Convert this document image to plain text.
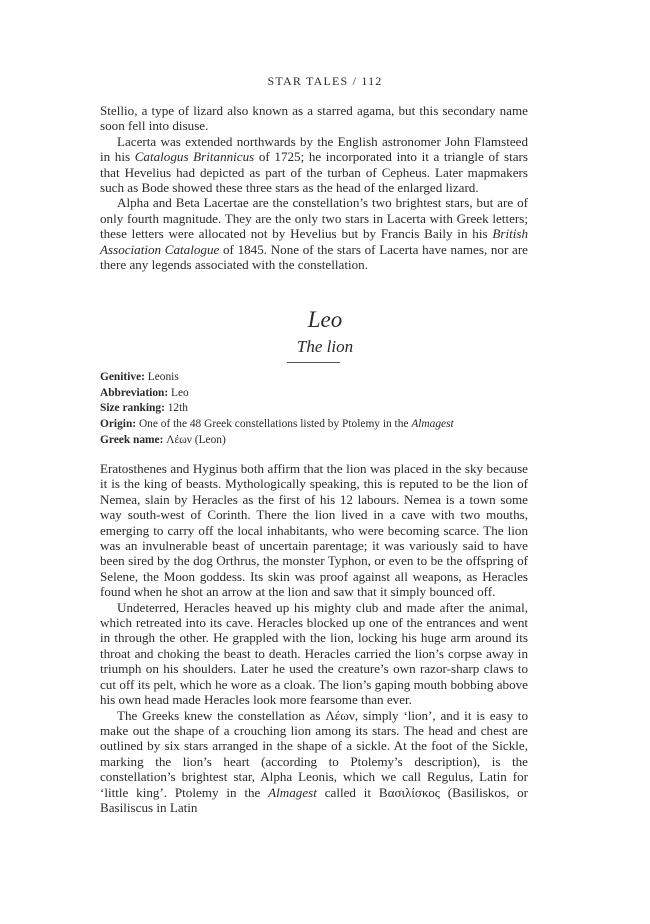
STAR TALES / 112

Stellio, a type of lizard also known as a starred agama, but this secondary name soon fell into disuse.

Lacerta was extended northwards by the English astronomer John Flamsteed in his Catalogus Britannicus of 1725; he incorporated into it a triangle of stars that Hevelius had depicted as part of the turban of Cepheus. Later mapmakers such as Bode showed these three stars as the head of the enlarged lizard.

Alpha and Beta Lacertae are the constellation’s two brightest stars, but are of only fourth magnitude. They are the only two stars in Lacerta with Greek letters; these letters were allocated not by Hevelius but by Francis Baily in his British Association Catalogue of 1845. None of the stars of Lacerta have names, nor are there any legends associated with the constellation.

Leo
The lion
Genitive: Leonis
Abbreviation: Leo
Size ranking: 12th
Origin: One of the 48 Greek constellations listed by Ptolemy in the Almagest
Greek name: Λέων (Leon)

Eratosthenes and Hyginus both affirm that the lion was placed in the sky because it is the king of beasts. Mythologically speaking, this is reputed to be the lion of Nemea, slain by Heracles as the first of his 12 labours. Nemea is a town some way south-west of Corinth. There the lion lived in a cave with two mouths, emerging to carry off the local inhabitants, who were becoming scarce. The lion was an invulnerable beast of uncertain parentage; it was variously said to have been sired by the dog Orthrus, the monster Typhon, or even to be the offspring of Selene, the Moon goddess. Its skin was proof against all weapons, as Heracles found when he shot an arrow at the lion and saw that it simply bounced off.

Undeterred, Heracles heaved up his mighty club and made after the animal, which retreated into its cave. Heracles blocked up one of the entrances and went in through the other. He grappled with the lion, locking his huge arm around its throat and choking the beast to death. Heracles carried the lion’s corpse away in triumph on his shoulders. Later he used the creature’s own razor-sharp claws to cut off its pelt, which he wore as a cloak. The lion’s gaping mouth bobbing above his own head made Heracles look more fearsome than ever.

The Greeks knew the constellation as Λέων, simply ‘lion’, and it is easy to make out the shape of a crouching lion among its stars. The head and chest are outlined by six stars arranged in the shape of a sickle. At the foot of the Sickle, marking the lion’s heart (according to Ptolemy’s description), is the constellation’s brightest star, Alpha Leonis, which we call Regulus, Latin for ‘little king’. Ptolemy in the Almagest called it Βασιλίσκος (Basiliskos, or Basiliscus in Latin
